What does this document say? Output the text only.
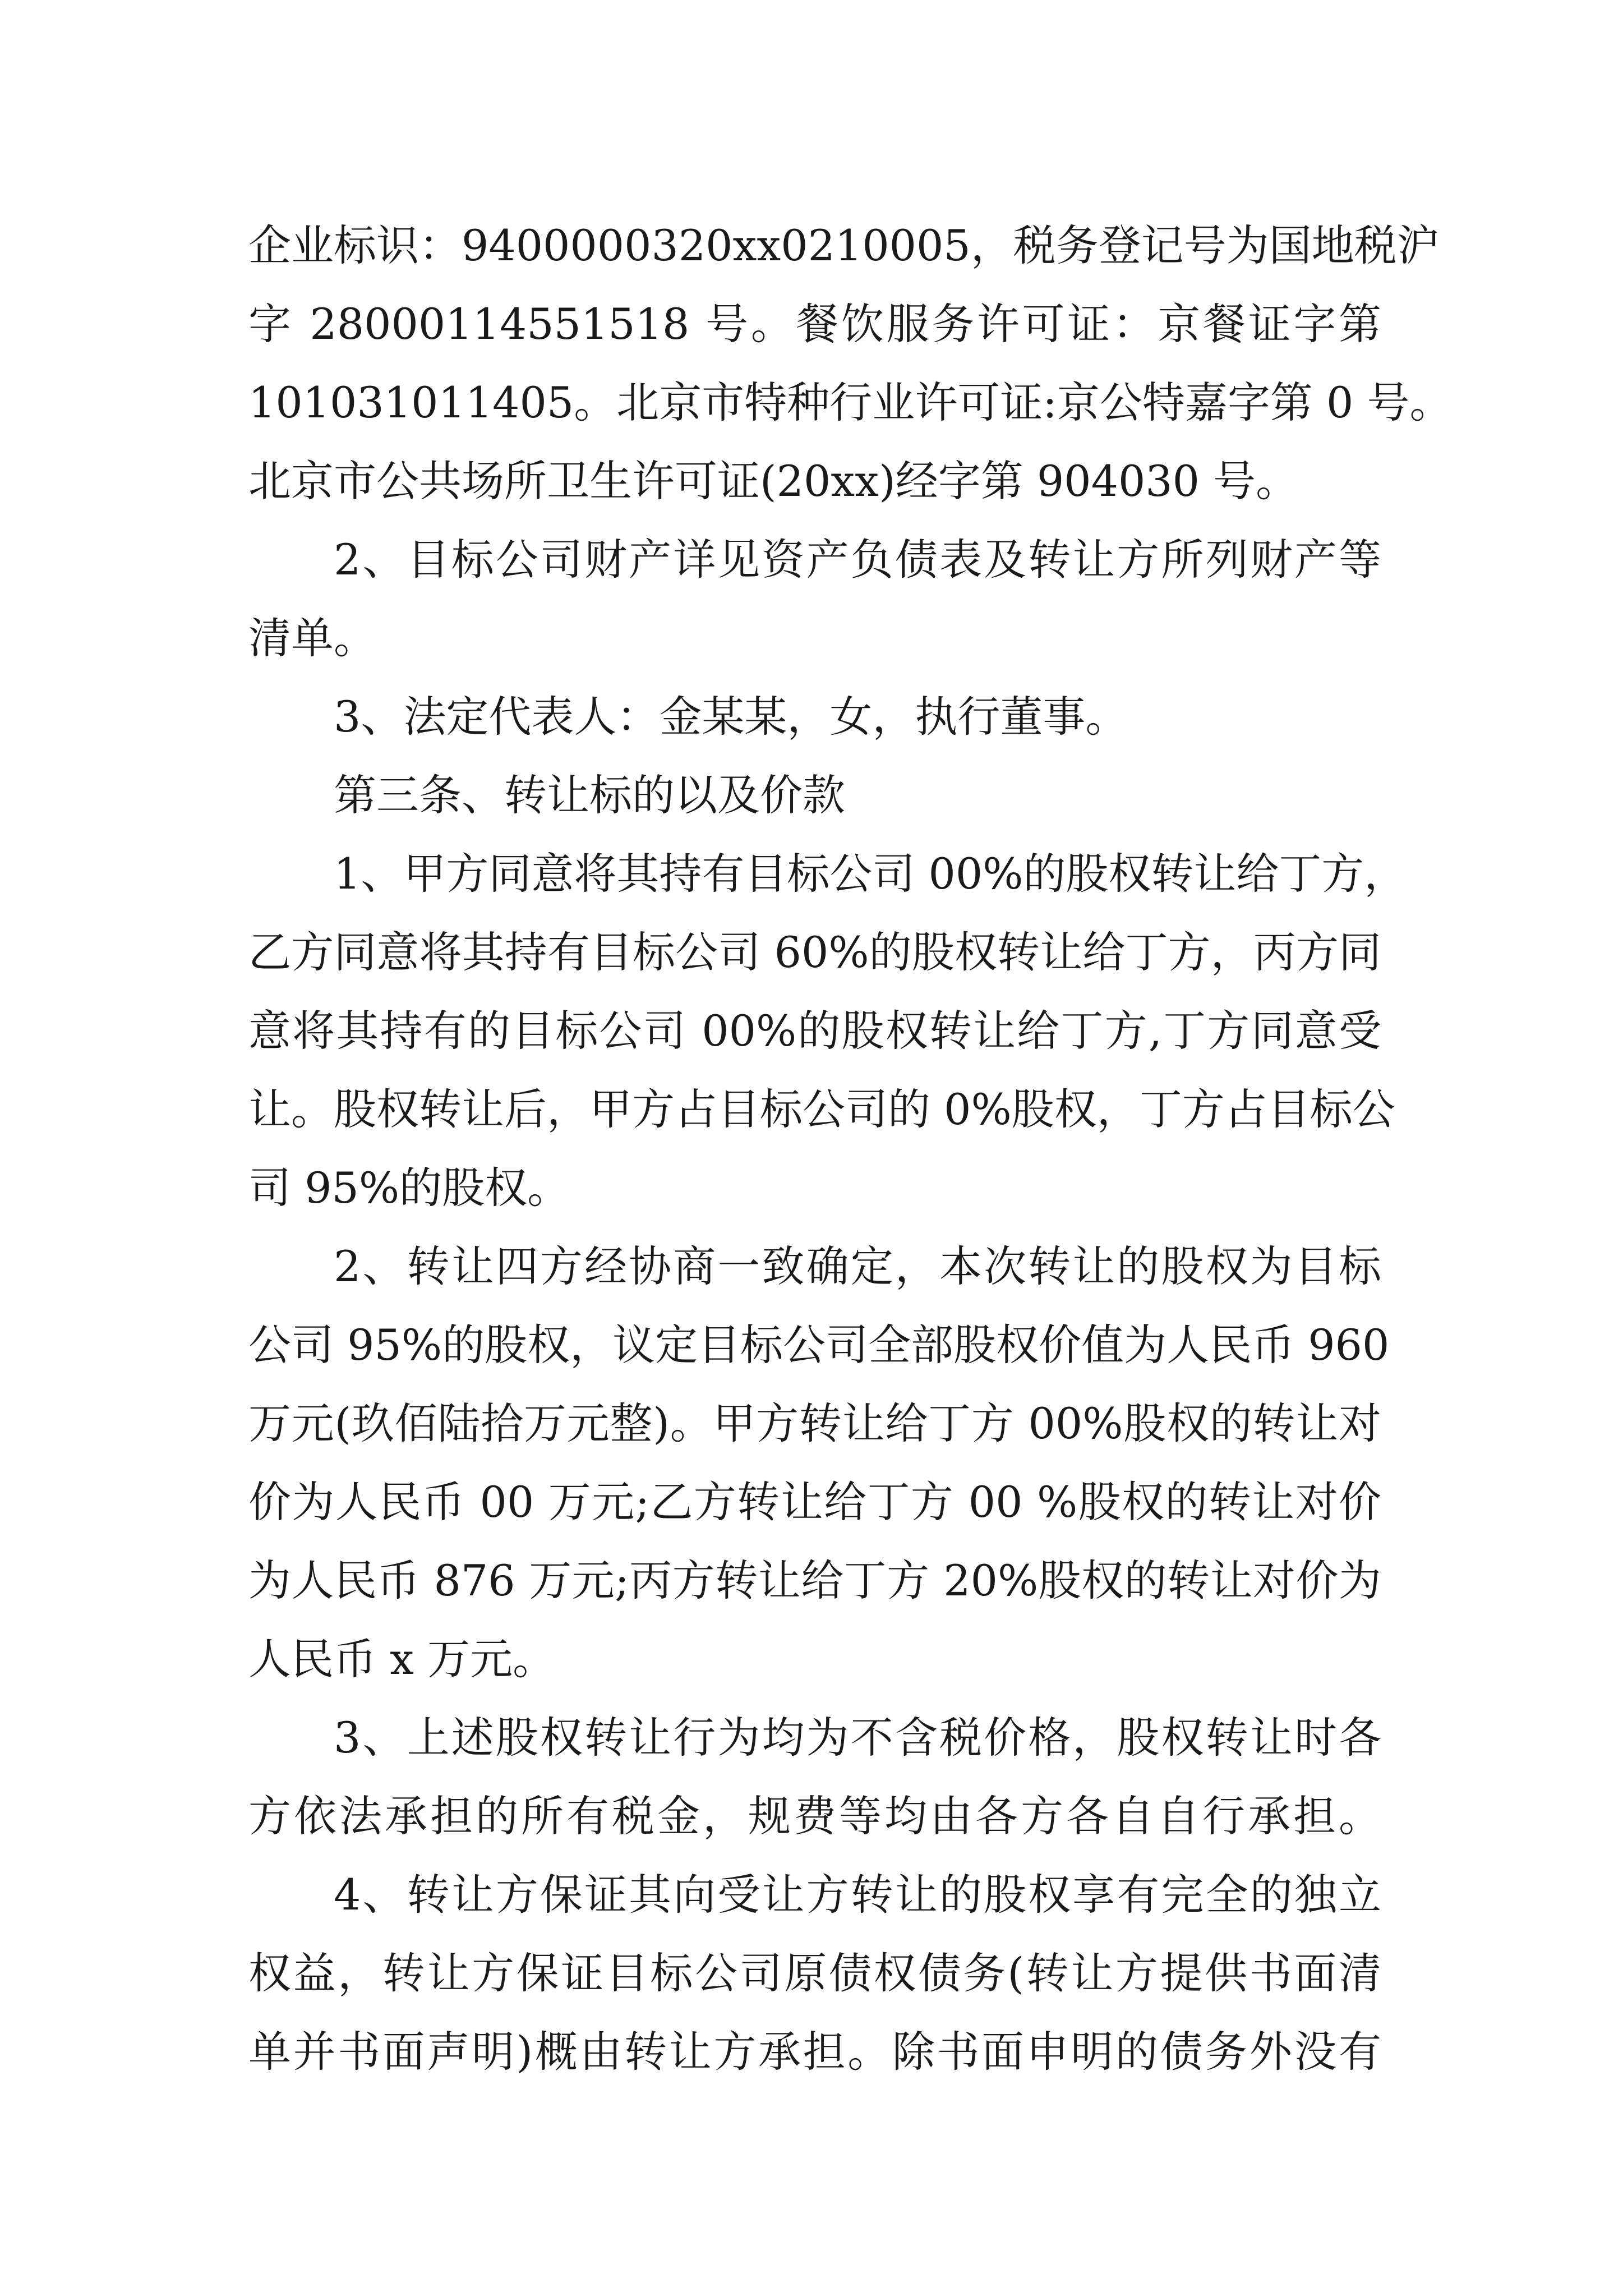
企业标识：9400000320xx0210005，税务登记号为国地税沪
字 28000114551518 号。餐饮服务许可证：京餐证字第
101031011405。北京市特种行业许可证:京公特嘉字第 0 号。
北京市公共场所卫生许可证(20xx)经字第 904030 号。
2、目标公司财产详见资产负债表及转让方所列财产等
清单。
3、法定代表人：金某某，女，执行董事。
第三条、转让标的以及价款
1、甲方同意将其持有目标公司 00%的股权转让给丁方，
乙方同意将其持有目标公司 60%的股权转让给丁方，丙方同
意将其持有的目标公司 00%的股权转让给丁方,丁方同意受
让。股权转让后，甲方占目标公司的 0%股权，丁方占目标公
司 95%的股权。
2、转让四方经协商一致确定，本次转让的股权为目标
公司 95%的股权，议定目标公司全部股权价值为人民币 960
万元(玖佰陆拾万元整)。甲方转让给丁方 00%股权的转让对
价为人民币 00 万元;乙方转让给丁方 00 %股权的转让对价
为人民币 876 万元;丙方转让给丁方 20%股权的转让对价为
人民币 x 万元。
3、上述股权转让行为均为不含税价格，股权转让时各
方依法承担的所有税金，规费等均由各方各自自行承担。
4、转让方保证其向受让方转让的股权享有完全的独立
权益，转让方保证目标公司原债权债务(转让方提供书面清
单并书面声明)概由转让方承担。除书面申明的债务外没有
